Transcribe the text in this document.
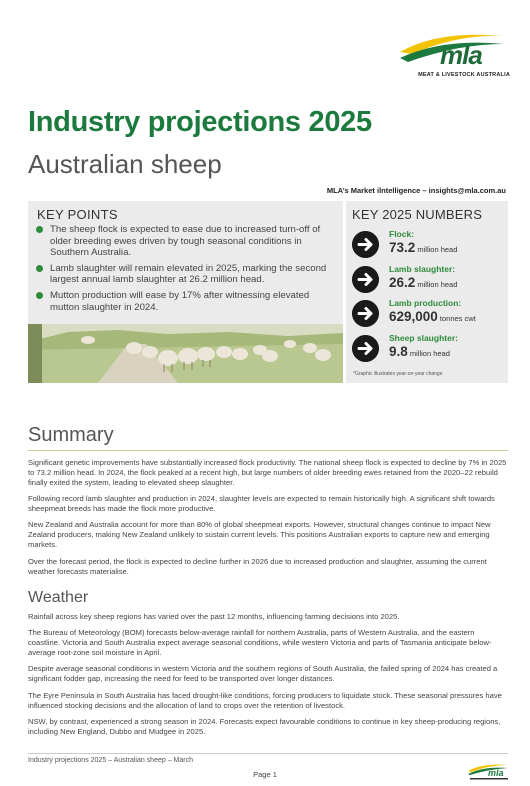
mla
MEAT & LIVESTOCK AUSTRALIA
Industry projections 2025
Australian sheep
MLA’s Market ilntelligence – insights@mla.com.au
KEY POINTS
The sheep flock is expected to ease due to increased turn-off of older breeding ewes driven by tough seasonal conditions in Southern Australia.
Lamb slaughter will remain elevated in 2025, marking the second largest annual lamb slaughter at 26.2 million head.
Mutton production will ease by 17% after witnessing elevated mutton slaughter in 2024.
KEY 2025 NUMBERS
Flock:
73.2 million head
Lamb slaughter:
26.2 million head
Lamb production:
629,000 tonnes cwt
Sheep slaughter:
9.8 million head
*Graphic illustrates year-on-year change
Summary

Significant genetic improvements have substantially increased flock productivity. The national sheep flock is expected to decline by 7% in 2025 to 73.2 million head. In 2024, the flock peaked at a recent high, but large numbers of older breeding ewes retained from the 2020–22 rebuild finally exited the system, leading to elevated sheep slaughter.

Following record lamb slaughter and production in 2024, slaughter levels are expected to remain historically high. A significant shift towards sheepmeat breeds has made the flock more productive.

New Zealand and Australia account for more than 80% of global sheepmeat exports. However, structural changes continue to impact New Zealand producers, making New Zealand unlikely to sustain current levels. This positions Australian exports to capture new and emerging markets.

Over the forecast period, the flock is expected to decline further in 2026 due to increased production and slaughter, assuming the current weather forecasts materialise.

Weather

Rainfall across key sheep regions has varied over the past 12 months, influencing farming decisions into 2025.

The Bureau of Meteorology (BOM) forecasts below-average rainfall for northern Australia, parts of Western Australia, and the eastern coastline. Victoria and South Australia expect average seasonal conditions, while western Victoria and parts of Tasmania anticipate below-average root-zone soil moisture in April.

Despite average seasonal conditions in western Victoria and the southern regions of South Australia, the failed spring of 2024 has created a significant fodder gap, increasing the need for feed to be transported over longer distances.

The Eyre Peninsula in South Australia has faced drought-like conditions, forcing producers to liquidate stock. These seasonal pressures have influenced stocking decisions and the allocation of land to crops over the retention of livestock.

NSW, by contrast, experienced a strong season in 2024. Forecasts expect favourable conditions to continue in key sheep-producing regions, including New England, Dubbo and Mudgee in 2025.

Industry projections 2025 – Australian sheep – March
Page 1	mla
